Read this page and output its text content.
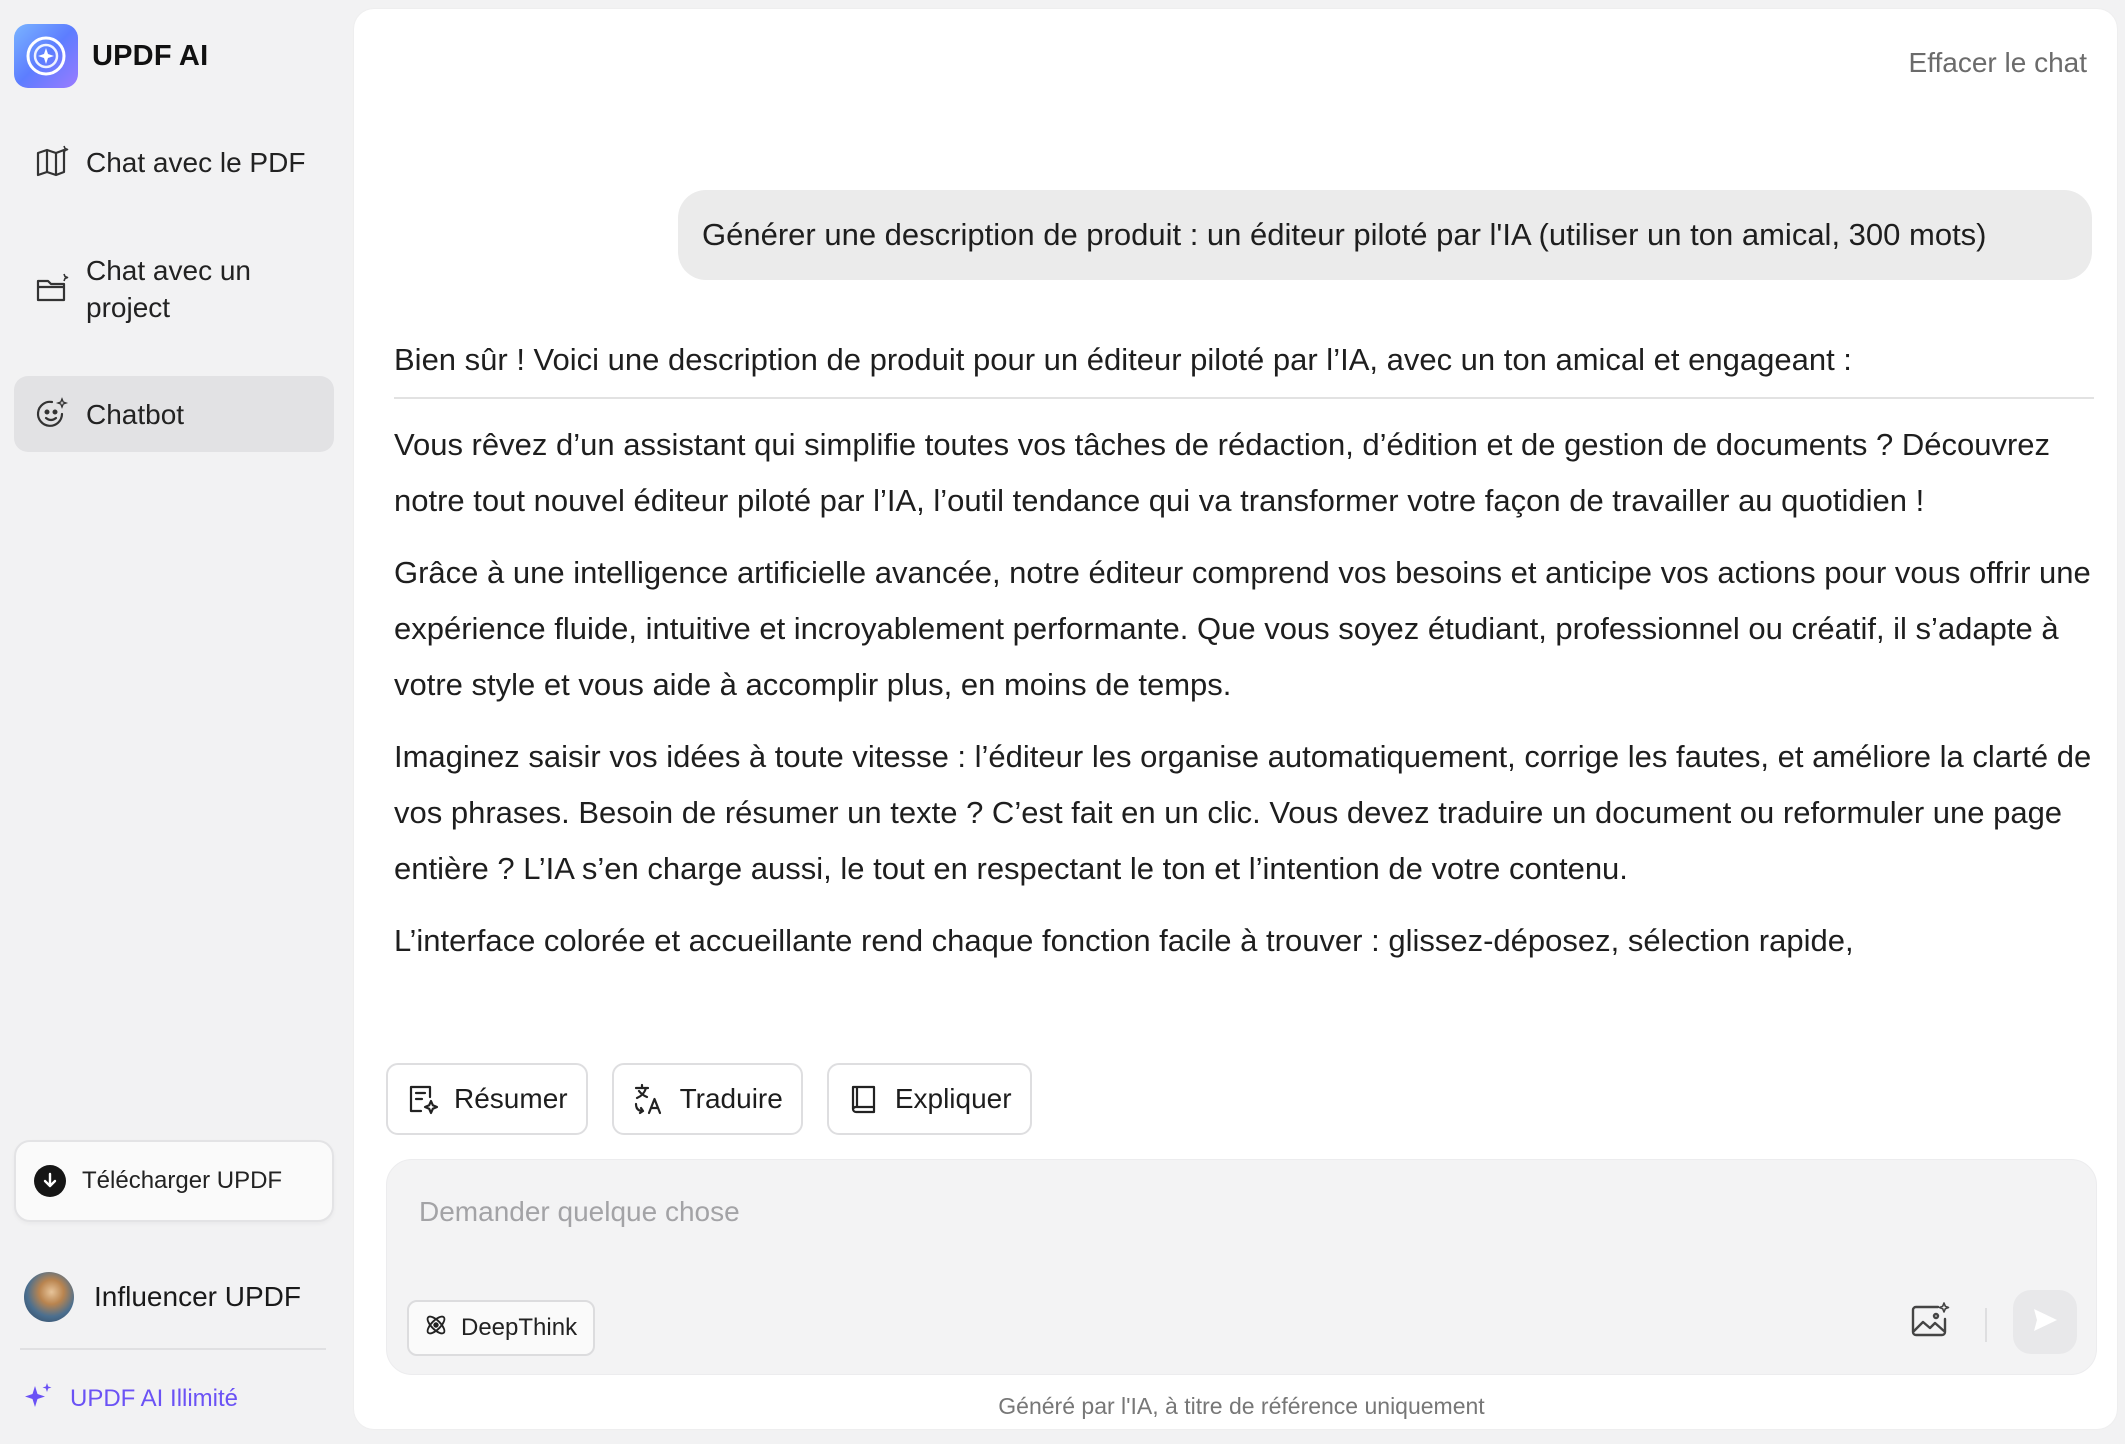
UPDF AI
Chat avec le PDF
Chat avec un
project
Chatbot
Télécharger UPDF
Influencer UPDF
UPDF AI Illimité
Effacer le chat
Générer une description de produit : un éditeur piloté par l'IA (utiliser un ton amical, 300 mots)
Bien sûr ! Voici une description de produit pour un éditeur piloté par l’IA, avec un ton amical et engageant :

Vous rêvez d’un assistant qui simplifie toutes vos tâches de rédaction, d’édition et de gestion de documents ? Découvrez notre tout nouvel éditeur piloté par l’IA, l’outil tendance qui va transformer votre façon de travailler au quotidien !

Grâce à une intelligence artificielle avancée, notre éditeur comprend vos besoins et anticipe vos actions pour vous offrir une expérience fluide, intuitive et incroyablement performante. Que vous soyez étudiant, professionnel ou créatif, il s’adapte à votre style et vous aide à accomplir plus, en moins de temps.

Imaginez saisir vos idées à toute vitesse : l’éditeur les organise automatiquement, corrige les fautes, et améliore la clarté de vos phrases. Besoin de résumer un texte ? C’est fait en un clic. Vous devez traduire un document ou reformuler une page entière ? L’IA s’en charge aussi, le tout en respectant le ton et l’intention de votre contenu.

L’interface colorée et accueillante rend chaque fonction facile à trouver : glissez-déposez, sélection rapide,

Résumer	Traduire	Expliquer
Demander quelque chose
DeepThink
Généré par l'IA, à titre de référence uniquement
